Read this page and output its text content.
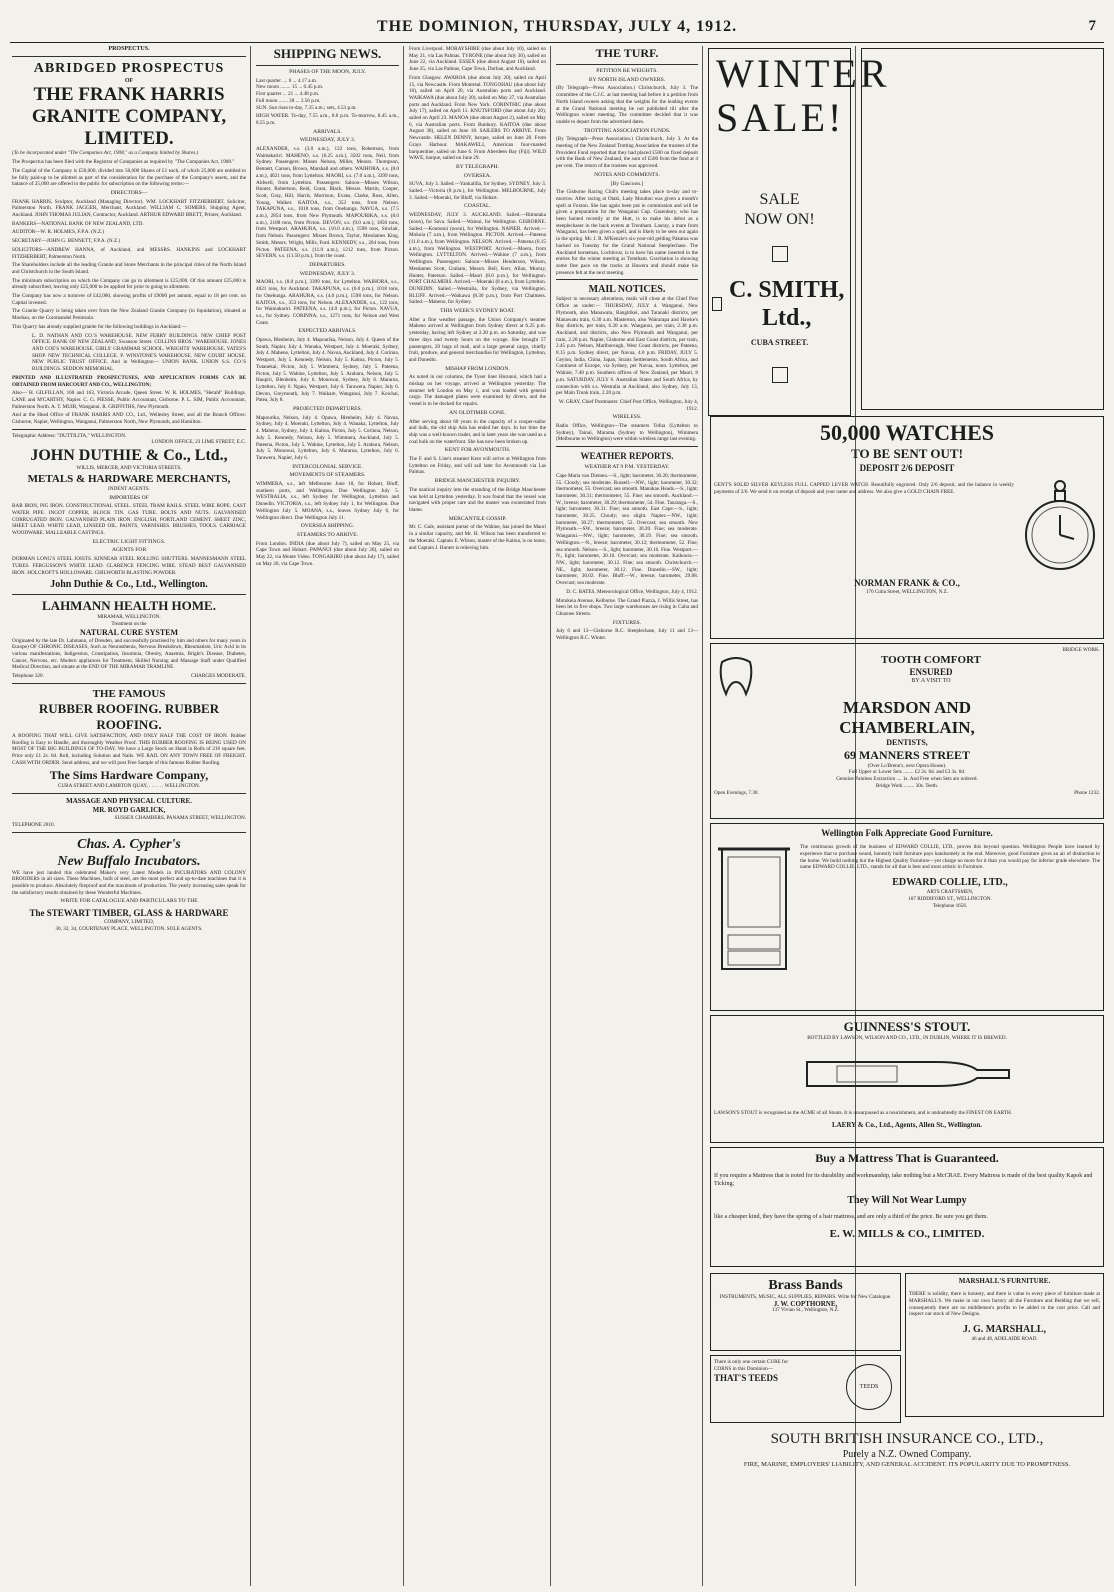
THE DOMINION, THURSDAY, JULY 4, 1912.	7
PROSPECTUS.
ABRIDGED PROSPECTUS
OF
THE FRANK HARRIS
GRANITE COMPANY, LIMITED.

(To be incorporated under "The Companies Act, 1908," as a Company limited by Shares.)

The Prospectus has been filed with the Registrar of Companies as required by "The Companies Act, 1908."

The Capital of the Company is £50,000, divided into 50,000 Shares of £1 each, of which 25,000 are entitled to be fully paid-up to be allotted as part of the consideration for the purchase of the Company's assets, and the balance of 25,000 are offered to the public for subscription on the following terms:—

DIRECTORS—

FRANK HARRIS, Sculptor, Auckland (Managing Director). WM. LOCKHART FITZHERBERT, Solicitor, Palmerston North. FRANK JAGGER, Merchant, Auckland. WILLIAM C. SOMERS, Shipping Agent, Auckland. JOHN THOMAS JULIAN, Contractor, Auckland. ARTHUR EDWARD BRETT, Printer, Auckland.

BANKERS—NATIONAL BANK OF NEW ZEALAND, LTD.

AUDITOR—W. R. HOLMES, F.P.A. (N.Z.)

SECRETARY—JOHN G. BENNETT, F.P.A. (N.Z.)

SOLICITORS—ANDREW HANNA, of Auckland, and MESSRS. HANKINS and LOCKHART FITZHERBERT, Palmerston North.

The Shareholders include all the leading Granite and Stone Merchants in the principal cities of the North Island and Christchurch in the South Island.

The minimum subscription on which the Company can go to allotment is £25,000. Of this amount £25,000 is already subscribed, leaving only £25,000 to be applied for prior to going to allotment.

The Company has now a turnover of £42,000, showing profits of £9000 per annum, equal to 18 per cent. on Capital invested.

The Granite Quarry is being taken over from the New Zealand Granite Company (in liquidation), situated at Moehau, on the Coromandel Peninsula.

This Quarry has already supplied granite for the following buildings in Auckland:—

L. D. NATHAN AND CO.'S WAREHOUSE. NEW FERRY BUILDINGS. NEW CHIEF POST OFFICE. BANK OF NEW ZEALAND, Swanson Street. COLLINS BROS.' WAREHOUSE. JONES AND COE'S WAREHOUSE. GIRLS' GRAMMAR SCHOOL. WRIGHTS' WAREHOUSE. YATES'S SHOP. NEW TECHNICAL COLLEGE. P. WINSTONE'S WAREHOUSE. NEW COURT HOUSE. NEW PUBLIC TRUST OFFICE. And in Wellington— UNION BANK. UNION S.S. CO.'S BUILDINGS. SEDDON MEMORIAL.

PRINTED AND ILLUSTRATED PROSPECTUSES, AND APPLICATION FORMS CAN BE OBTAINED FROM HARCOURT AND CO., WELLINGTON;

Also— H. GILFILLAN, 160 and 163, Victoria Arcade, Queen Street. W. R. HOLMES, "Herald" Buildings. LANE and M'CARTHY, Napier. C. G. PIESSE, Public Accountant, Gisborne. P. L. SIM, Public Accountant, Palmerston North. A. T. MUIR, Wanganui. R. GRIFFITHS, New Plymouth.

And at the Head Office of FRANK HARRIS AND CO., Ltd., Wellesley Street, and all the Branch Offices: Gisborne, Napier, Wellington, Wanganui, Palmerston North, New Plymouth, and Hamilton.

Telegraphic Address: "DUTTILITA," WELLINGTON.
LONDON OFFICE, 23 LIME STREET, E.C.
JOHN DUTHIE & Co., Ltd.,
WILLIS, MERCER, AND VICTORIA STREETS,
METALS & HARDWARE MERCHANTS,
INDENT AGENTS.
IMPORTERS OF

BAR IRON, PIG IRON. CONSTRUCTIONAL STEEL. STEEL TRAM RAILS. STEEL WIRE ROPE. CAST WATER PIPE. INGOT COPPER, BLOCK TIN. GAS TUBE. BOLTS AND NUTS. GALVANISED CORRUGATED IRON. GALVANISED PLAIN IRON. ENGLISH, PORTLAND CEMENT. SHEET ZINC, SHEET LEAD. WHITE LEAD, LINSEED OIL. PAINTS, VARNISHES. BRUSHES, TOOLS. CARRIAGE WOODWARE. MALLEABLE CASTINGS.

ELECTRIC LIGHT FITTINGS.
AGENTS FOR

DORMAN LONG'S STEEL JOISTS. KINNEAR STEEL ROLLING SHUTTERS. MANNESMANN STEEL TUBES. FERGUSSON'S WHITE LEAD. CLARENCE FENCING WIRE. STEAD BEST GALVANISED IRON. HOLCROFT'S HOLLOWARE. CHILWORTH BLASTING POWDER.

John Duthie & Co., Ltd., Wellington.
LAHMANN HEALTH HOME.
MIRAMAR, WELLINGTON.
Treatment on the
NATURAL CURE SYSTEM

Originated by the late Dr. Lahmann, of Dresden, and successfully practised by him and others for many years in Europe) OF CHRONIC DISEASES, Such as Neurasthenia, Nervous Breakdown, Rheumatism, Uric Acid in its various manifestations, Indigestion, Constipation, Insomnia, Obesity, Anaemia, Bright's Disease, Diabetes, Cancer, Nervous, etc. Modern appliances for Treatment, Skilled Nursing and Massage Staff under Qualified Medical Direction, and situate at the END OF THE MIRAMAR TRAMLINE.

Telephone 320.	CHARGES MODERATE.
THE FAMOUS
RUBBER ROOFING. RUBBER ROOFING.

A ROOFING THAT WILL GIVE SATISFACTION, AND ONLY HALF THE COST OF IRON. Rubber Roofing is Easy to Handle, and thoroughly Weather Proof. THIS RUBBER ROOFING IS BEING USED ON MOST OF THE BIG BUILDINGS OF TO-DAY. We have a Large Stock on Hand in Rolls of 216 square feet. Price only £1 2s. 6d. Roll, including Solution and Nails. WE RAIL ON ANY TOWN FREE OF FREIGHT. CASH WITH ORDER. Send address, and we will post Free Sample of this famous Rubber Roofing.

The Sims Hardware Company,
CUBA STREET AND LAMBTON QUAY, . . . . . . WELLINGTON.
MASSAGE AND PHYSICAL CULTURE.
MR. ROYD GARLICK,
SUSSEX CHAMBERS, PANAMA STREET, WELLINGTON.
TELEPHONE 2810.
Chas. A. Cypher's
New Buffalo Incubators.

WE have just landed this celebrated Maker's very Latest Models in INCUBATORS AND COLONY BROODERS in all sizes. These Machines, built of steel, are the most perfect and up-to-date machines that it is possible to produce. Absolutely fireproof and the maximum of production. The yearly increasing sales speak for the satisfactory results obtained by these Wonderful Machines.

WRITE FOR CATALOGUE AND PARTICULARS TO THE
The STEWART TIMBER, GLASS & HARDWARE
COMPANY, LIMITED,
30, 32, 34, COURTENAY PLACE, WELLINGTON. SOLE AGENTS.
SHIPPING NEWS.
PHASES OF THE MOON, JULY.
Last quarter .... 8 ... 4.17 a.m.
New moon ........ 15 ... 6.45 p.m.
First quarter ... 21 ... 4.48 p.m.
Full moon ....... 28 ... 2.56 p.m.

SUN. Sun rises to-day, 7.35 a.m.; sets, 4.53 p.m.

HIGH WATER. To-day, 7.55 a.m., 8.8 p.m. To-morrow, 8.45 a.m., 8.55 p.m.

ARRIVALS.
WEDNESDAY, JULY 3.

ALEXANDER, s.s. (3.0 a.m.), 122 tons, Robertson, from Waimakariri. MAHENO, s.s. (6.25 a.m.), 3502 tons, Neil, from Sydney. Passengers: Misses Nelson, Miller, Messrs. Thompson, Bennett, Carson, Brown, Marshall and others. WAIHORA, s.s. (8.0 a.m.), 4021 tons, from Lyttelton. MAORI, s.s. (7.0 a.m.), 3399 tons, Aldwell, from Lyttelton. Passengers: Saloon—Misses Wilson, Hunter, Robertson, Reid, Grant, Black, Messrs. Martin, Cooper, Scott, Gray, Hill, Harris, Morrison, Evans, Clarke, Ross, Allen, Young, Walker. KAITOA, s.s., 353 tons, from Nelson. TAKAPUNA, s.s., 1018 tons, from Onehunga. NAVUA, s.s. (7.5 a.m.), 2854 tons, from New Plymouth. MAPOURIKA, s.s. (8.0 a.m.), 2188 tons, from Picton. DEVON, s.s. (9.0 a.m.), 1850 tons, from Westport. ARAHURA, s.s. (10.0 a.m.), 1598 tons, Sinclair, from Nelson. Passengers: Misses Brown, Taylor, Mesdames King, Smith, Messrs. Wright, Mills, Ford. KENNEDY, s.s., 204 tons, from Picton. PATEENA, s.s. (11.0 a.m.), 1212 tons, from Picton. SEVERN, s.s. (11.50 p.m.), from the coast.

DEPARTURES.
WEDNESDAY, JULY 3.

MAORI, s.s. (8.0 p.m.), 3399 tons, for Lyttelton. WAIHORA, s.s., 4021 tons, for Auckland. TAKAPUNA, s.s. (6.0 p.m.), 1018 tons, for Onehunga. ARAHURA, s.s. (4.0 p.m.), 1598 tons, for Nelson. KAITOA, s.s., 353 tons, for Nelson. ALEXANDER, s.s., 122 tons, for Waimakariri. PATEENA, s.s. (4.0 p.m.), for Picton. NAVUA, s.s., for Sydney. CORINNA, s.s., 1271 tons, for Nelson and West Coast.

EXPECTED ARRIVALS.

Opawa, Blenheim, July 4. Mapourika, Nelson, July 4. Queen of the South, Napier, July 4. Wanaka, Westport, July 4. Moeraki, Sydney, July 4. Maheno, Lyttelton, July 4. Navua, Auckland, July 4. Corinna, Westport, July 5. Kennedy, Nelson, July 5. Kaitoa, Picton, July 5. Tutanekai, Picton, July 5. Wimmera, Sydney, July 5. Pateena, Picton, July 5. Wahine, Lyttelton, July 5. Arahura, Nelson, July 5. Haupiri, Blenheim, July 6. Monowai, Sydney, July 6. Mararoa, Lyttelton, July 6. Ngaio, Westport, July 6. Tarawera, Napier, July 6. Devon, Greymouth, July 7. Waikare, Wanganui, July 7. Kowhai, Patea, July 8.

PROJECTED DEPARTURES.

Mapourika, Nelson, July 4. Opawa, Blenheim, July 4. Navua, Sydney, July 4. Moeraki, Lyttelton, July 4. Wanaka, Lyttelton, July 4. Maheno, Sydney, July 4. Kaitoa, Picton, July 5. Corinna, Nelson, July 5. Kennedy, Nelson, July 5. Wimmera, Auckland, July 5. Pateena, Picton, July 5. Wahine, Lyttelton, July 5. Arahura, Nelson, July 5. Monowai, Lyttelton, July 6. Mararoa, Lyttelton, July 6. Tarawera, Napier, July 6.

INTERCOLONIAL SERVICE.
MOVEMENTS OF STEAMERS.

WIMMERA, s.s., left Melbourne June 18, for Hobart, Bluff, southern ports, and Wellington. Due Wellington July 5. WESTRALIA, s.s., left Sydney for Wellington, Lyttelton and Dunedin. VICTORIA, s.s., left Sydney July 1, for Wellington. Due Wellington July 5. MOANA, s.s., leaves Sydney July 6, for Wellington direct. Due Wellington July 11.

OVERSEA SHIPPING.
STEAMERS TO ARRIVE.

From London. INDIA (due about July 7), sailed on May 25, via Cape Town and Hobart. PAPANUI (due about July 20), sailed on May 22, via Monte Video. TONGARIRO (due about July 17), sailed on May 20, via Cape Town.

From Liverpool. MORAYSHIRE (due about July 10), sailed on May 21, via Las Palmas. TYRONE (due about July 30), sailed on June 22, via Auckland. ESSEX (due about August 10), sailed on June 25, via Las Palmas, Cape Town, Durban, and Auckland.

From Glasgow. AWAROA (due about July 20), sailed on April 15, via Newcastle. From Montreal. TONGOHAU (due about July 10), sailed on April 20, via Australian ports and Auckland. WAIKAWA (due about July 20), sailed on May 27, via Australian ports and Auckland. From New York. CORINTHIC (due about July 17), sailed on April 11. KNUTSFORD (due about July 20), sailed on April 23. MANOA (due about August 2), sailed on May 6, via Australian ports. From Bunbury. KAITOA (due about August 30), sailed on June 18. SAILERS TO ARRIVE. From Newcastle. HELEN DENNY, barque, sailed on June 28. From Grays Harbour. MAKAWELI, American four-masted barquentine, sailed on June 6. From Aberdeen Bay (Fiji). WILD WAVE, barque, sailed on June 29.

BY TELEGRAPH.
OVERSEA.

SUVA, July 3. Sailed.—Yankalilla, for Sydney. SYDNEY, July 3. Sailed.—Victoria (8 p.m.), for Wellington. MELBOURNE, July 3. Sailed.—Moeraki, for Bluff, via Hobart.

COASTAL.

WEDNESDAY, JULY 3. AUCKLAND. Sailed.—Rimutaka (noon), for Sava. Sailed.—Wainui, for Wellington. GISBORNE. Sailed.—Koutunui (noon), for Wellington. NAPIER. Arrived.—Mokoia (7 a.m.), from Wellington. PICTON. Arrived.—Pateena (11.0 a.m.), from Wellington. NELSON. Arrived.—Pateena (6.15 a.m.), from Wellington. WESTPORT. Arrived.—Moera, from Wellington. LYTTELTON. Arrived.—Wahine (7 a.m.), from Wellington. Passengers: Saloon—Misses Henderson, Wilson, Mesdames Scott, Graham, Messrs. Bell, Kerr, Allan, Murray, Hunter, Paterson. Sailed.—Maori (8.0 p.m.), for Wellington. PORT CHALMERS. Arrived.—Moeraki (8 a.m.), from Lyttelton. DUNEDIN. Sailed.—Westralia, for Sydney, via Wellington. BLUFF. Arrived.—Waikawa (8.30 p.m.), from Port Chalmers. Sailed.—Maheno, for Sydney.

THIS WEEK'S SYDNEY BOAT.

After a fine weather passage, the Union Company's steamer Maheno arrived at Wellington from Sydney direct at 6.25 p.m. yesterday, having left Sydney at 2.30 p.m. on Saturday, and was three days and twenty hours on the voyage. She brought 57 passengers, 20 bags of mail, and a large general cargo, chiefly fruit, produce, and general merchandise for Wellington, Lyttelton, and Dunedin.

MISHAP FROM LONDON.

As noted in our columns, the Tyser liner Hurunui, which had a mishap on her voyage, arrived at Wellington yesterday. The steamer left London on May 1, and was loaded with general cargo. The damaged plates were examined by divers, and the vessel is to be docked for repairs.

AN OLDTIMER GONE.

After serving about 60 years in the capacity of a cooper-sailor and hulk, the old ship Ada has ended her days. In her time the ship was a well-known trader, and in later years she was used as a coal hulk on the waterfront. She has now been broken up.

KENT FOR AVONMOUTH.

The F. and S. Line's steamer Kent will arrive at Wellington from Lyttelton on Friday, and will sail later for Avonmouth via Las Palmas.

BRIDGE MANCHESTER INQUIRY.

The nautical inquiry into the stranding of the Bridge Manchester was held at Lyttelton yesterday. It was found that the vessel was navigated with proper care and the master was exonerated from blame.

MERCANTILE GOSSIP.

Mr. C. Gale, assistant purser of the Wahine, has joined the Maori in a similar capacity, and Mr. H. Wilson has been transferred to the Moeraki. Captain E. Wilson, master of the Kaitoa, is on leave, and Captain J. Hunter is relieving him.

THE TURF.
PETITION RE WEIGHTS.
BY NORTH ISLAND OWNERS.

(By Telegraph—Press Association.) Christchurch, July 3. The committee of the C.J.C. at last meeting had before it a petition from North Island owners asking that the weights for the leading events at the Grand National meeting be not published till after the Wellington winter meeting. The committee decided that it was unable to depart from the advertised dates.

TROTTING ASSOCIATION FUNDS.

(By Telegraph—Press Association.) Christchurch, July 3. At the meeting of the New Zealand Trotting Association the trustees of the Provident Fund reported that they had placed £500 on fixed deposit with the Bank of New Zealand, the sum of £500 from the fund at 4 per cent. The return of the trustees was approved.

NOTES AND COMMENTS.
[By Gascoon.]

The Gisborne Racing Club's meeting takes place to-day and to-morrow. After racing at Otaki, Lady Moulton was given a month's spell at Foxton. She has again been put in commission and will be given a preparation for the Wanganui Cup. Gazenbury, who has been hunted recently at the Hutt, is to make his debut as a steeplechaser in the back events at Trentham. Lauray, a mare from Wanganui, has been given a spell, and is likely to be seen out again in the spring. Mr. J. R. M'Kenzie's six-year-old gelding Pakatoa was backed on Tuesday for the Grand National Steeplechase. The Auckland horseman, Lochinvar, is to have his name inserted in the entries for the winter meeting at Trentham. Gravitation is showing some fine pace on the tracks at Hawera and should make his presence felt at the next meeting.

MAIL NOTICES.

Subject to necessary alterations, mails will close at the Chief Post Office as under:— THURSDAY, JULY 4. Wanganui, New Plymouth, also Manawatu, Rangitikei, and Taranaki districts, per Manawatu train, 6.30 a.m. Masterton, also Wairarapa and Hawke's Bay districts, per train, 6.20 a.m. Wanganui, per train, 2.30 p.m. Auckland, and districts, also New Plymouth and Wanganui, per train, 2.20 p.m. Napier, Gisborne and East Coast districts, per train, 2.45 p.m. Nelson, Marlborough, West Coast districts, per Pateena, 8.15 p.m. Sydney direct, per Navua, 4.0 p.m. FRIDAY, JULY 5. Ceylon, India, China, Japan, Straits Settlements, South Africa, and Continent of Europe, via Sydney, per Navua, noon. Lyttelton, per Wahine, 7.40 p.m. Southern offices of New Zealand, per Maori, 8 p.m. SATURDAY, JULY 6. Australian States and South Africa, by connection with s.s. Westralia at Auckland, also Sydney, July 13, per Main Trunk train, 2.20 p.m.

W. GRAY, Chief Postmaster. Chief Post Office, Wellington, July 4, 1912.

WIRELESS.

Radio Office, Wellington—The steamers Tofua (Lyttelton to Sydney), Tainui, Marama (Sydney to Wellington), Wimmera (Melbourne to Wellington) were within wireless range last evening.

WEATHER REPORTS.
WEATHER AT 9 P.M. YESTERDAY.

Cape Maria van Diemen.—S., light; barometer, 30.20; thermometer, 55. Cloudy; sea moderate. Russell.—NW., light; barometer, 30.32; thermometer, 55. Overcast; sea smooth. Manukau Heads.—S., light; barometer, 30.31; thermometer, 55. Fine; sea smooth. Auckland.—W., breeze; barometer, 30.29; thermometer, 54. Fine. Tauranga.—S., light; barometer, 30.31. Fine; sea smooth. East Cape.—S., light; barometer, 30.25. Cloudy; sea slight. Napier.—NW., light; barometer, 30.27; thermometer, 52. Overcast; sea smooth. New Plymouth.—SW., breeze; barometer, 30.20. Fine; sea moderate. Wanganui.—NW., light; barometer, 30.19. Fine; sea smooth. Wellington.—N., breeze; barometer, 30.12; thermometer, 52. Fine; sea smooth. Nelson.—S., light; barometer, 30.16. Fine. Westport.—N., light; barometer, 30.10. Overcast; sea moderate. Kaikoura.—NW., light; barometer, 30.12. Fine; sea smooth. Christchurch.—NE., light; barometer, 30.12. Fine. Dunedin.—SW., light; barometer, 30.02. Fine. Bluff.—W., breeze; barometer, 29.88. Overcast; sea moderate.

D. C. BATES, Meteorological Office, Wellington, July 4, 1912.

Motukeia Avenue, Kelburne. The Grand Piazza, J. Willis Street, has been let in five shops. Two large warehouses are rising in Cuba and Ghuznee Streets.

FIXTURES.

July 6 and 13—Gisborne R.C. Steeplechase, July 11 and 13—Wellington R.C. Winter.

WINTER
SALE!
SALE
NOW ON!
C. SMITH, Ltd.,
CUBA STREET.
50,000 WATCHES
TO BE SENT OUT!
DEPOSIT 2/6 DEPOSIT

GENT'S SOLID SILVER KEYLESS FULL CAPPED LEVER WATCH. Beautifully engraved. Only 2/6 deposit, and the balance in weekly payments of 2/6. We send it on receipt of deposit and your name and address. We also give a GOLD CHAIN FREE.

NORMAN FRANK & CO.,
176 Cuba Street, WELLINGTON, N.Z.
BRIDGE WORK.
TOOTH COMFORT
ENSURED
BY A VISIT TO
MARSDON AND
CHAMBERLAIN,
DENTISTS,
69 MANNERS STREET
(Over Lo'Brenn's, next Opera House).
Full Upper or Lower Sets ........ £2 2s. 6d. and £3 3s. 0d.
Genuine Painless Extraction .... 1s. And Free when Sets are ordered.
Bridge Work ........ 30s. Teeth.
Open Evenings, 7.30.	Phone 1232.
Wellington Folk Appreciate Good Furniture.

The continuous growth of the business of EDWARD COLLIE, LTD., proves this beyond question. Wellington People have learned by experience that to purchase sound, honestly built furniture pays handsomely in the end. Moreover, good Furniture gives an air of distinction to the home. We build nothing but the Highest Quality Furniture—yet charge no more for it than you would pay for inferior grade elsewhere. The name EDWARD COLLIE, LTD., stands for all that is best and most artistic in Furniture.

EDWARD COLLIE, LTD.,
ARTS CRAFTSMEN,
107 RIDDIFORD ST., WELLINGTON.
Telephone 1656.
GUINNESS'S STOUT.
BOTTLED BY LAWSON, WILSON AND CO., LTD., IN DUBLIN, WHERE IT IS BREWED.

LAWSON'S STOUT is recognised as the ACME of all Stouts. It is unsurpassed as a nourishment, and is undoubtedly the FINEST ON EARTH.

LAERY & Co., Ltd., Agents, Allen St., Wellington.
Buy a Mattress That is Guaranteed.

If you require a Mattress that is noted for its durability and workmanship, take nothing but a McCRAE. Every Mattress is made of the best quality Kapok and Ticking;

They Will Not Wear Lumpy

like a cheaper kind, they have the spring of a hair mattress, and are only a third of the price. Be sure you get them.

E. W. MILLS & CO., LIMITED.
Brass Bands
INSTRUMENTS, MUSIC, ALL SUPPLIES, REPAIRS. Write for New Catalogue.
J. W. COPTHORNE,
137 Vivian St., Wellington, N.Z.
There is only one certain CURE for CORNS in this Dominion—
THAT'S TEEDS
TEEDS
MARSHALL'S FURNITURE.

THERE is solidity, there is honesty, and there is value in every piece of furniture made at MARSHALL'S. We make in our own factory all the Furniture and Bedding that we sell, consequently there are no middlemen's profits to be added to the cost price. Call and inspect our stock of New Designs.

J. G. MARSHALL,
46 and 48, ADELAIDE ROAD.
SOUTH BRITISH INSURANCE CO., LTD.,
Purely a N.Z. Owned Company.
FIRE, MARINE, EMPLOYERS' LIABILITY, AND GENERAL ACCIDENT. ITS POPULARITY DUE TO PROMPTNESS.
